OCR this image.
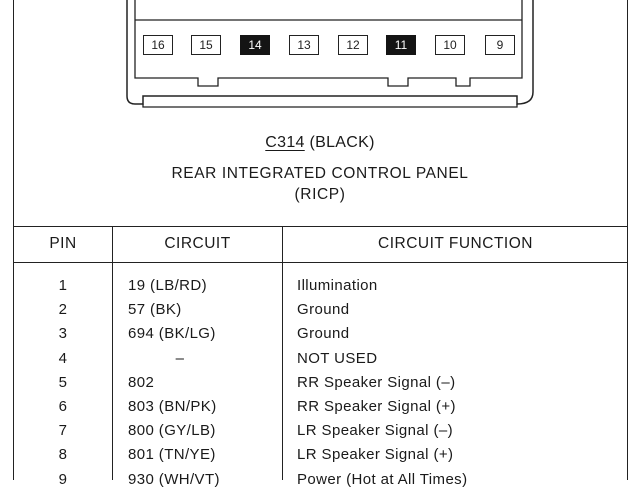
16	15	14	13	12	11	10	9
C314 (BLACK)
REAR INTEGRATED CONTROL PANEL
(RICP)
PIN	CIRCUIT	CIRCUIT FUNCTION
1	19 (LB/RD)	Illumination
2	57 (BK)	Ground
3	694 (BK/LG)	Ground
4	–	NOT USED
5	802	RR Speaker Signal (–)
6	803 (BN/PK)	RR Speaker Signal (+)
7	800 (GY/LB)	LR Speaker Signal (–)
8	801 (TN/YE)	LR Speaker Signal (+)
9	930 (WH/VT)	Power (Hot at All Times)
